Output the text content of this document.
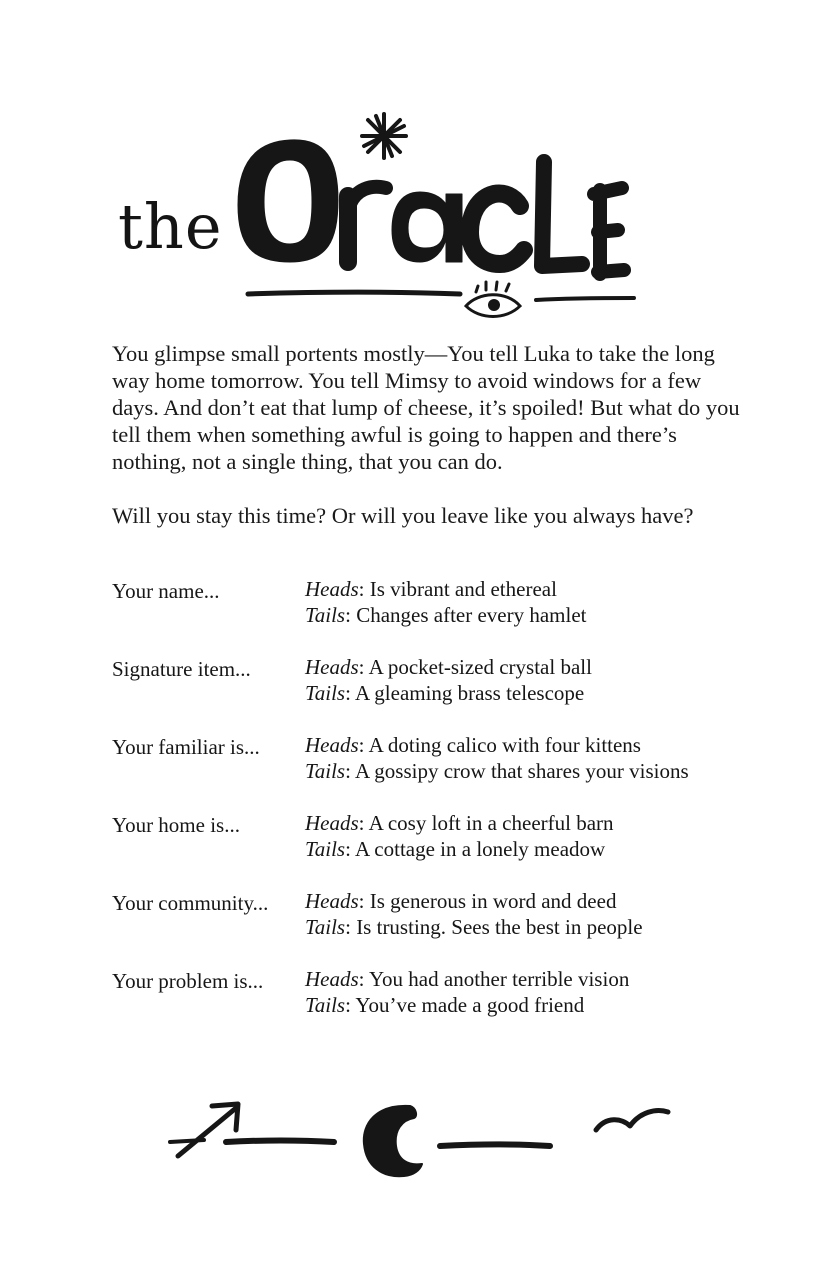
the

You glimpse small portents mostly—You tell Luka to take the long way home tomorrow. You tell Mimsy to avoid windows for a few days. And don’t eat that lump of cheese, it’s spoiled! But what do you tell them when something awful is going to happen and there’s nothing, not a single thing, that you can do.

Will you stay this time? Or will you leave like you always have?

Your name...	Heads: Is vibrant and ethereal
Tails: Changes after every hamlet
Signature item...	Heads: A pocket-sized crystal ball
Tails: A gleaming brass telescope
Your familiar is...	Heads: A doting calico with four kittens
Tails: A gossipy crow that shares your visions
Your home is...	Heads: A cosy loft in a cheerful barn
Tails: A cottage in a lonely meadow
Your community...	Heads: Is generous in word and deed
Tails: Is trusting. Sees the best in people
Your problem is...	Heads: You had another terrible vision
Tails: You’ve made a good friend
